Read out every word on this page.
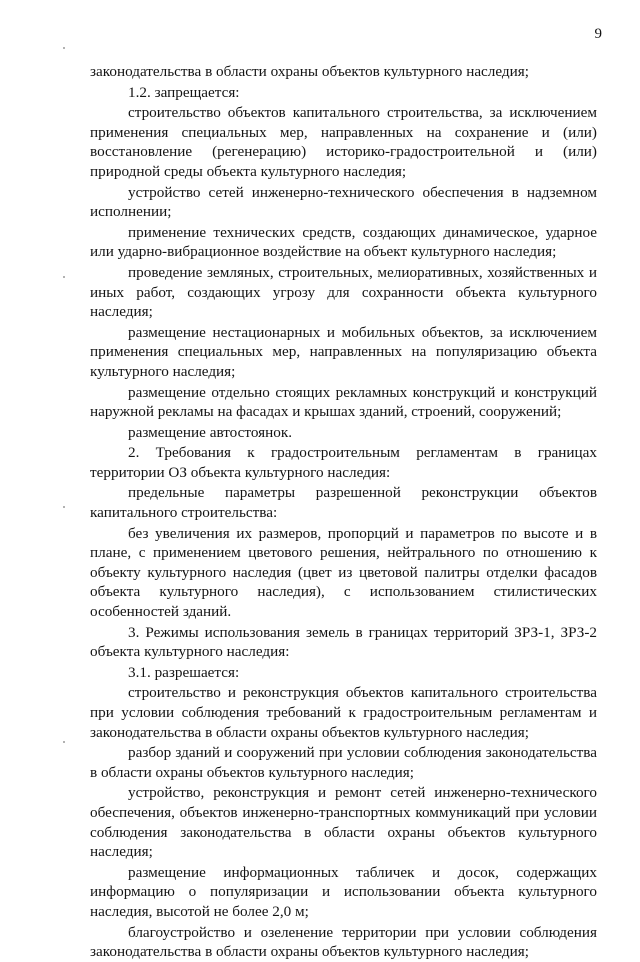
9

законодательства в области охраны объектов культурного наследия;

1.2. запрещается:

строительство объектов капитального строительства, за исключением применения специальных мер, направленных на сохранение и (или) восстановление (регенерацию) историко-градостроительной и (или) природной среды объекта культурного наследия;

устройство сетей инженерно-технического обеспечения в надземном исполнении;

применение технических средств, создающих динамическое, ударное или ударно-вибрационное воздействие на объект культурного наследия;

проведение земляных, строительных, мелиоративных, хозяйственных и иных работ, создающих угрозу для сохранности объекта культурного наследия;

размещение нестационарных и мобильных объектов, за исключением применения специальных мер, направленных на популяризацию объекта культурного наследия;

размещение отдельно стоящих рекламных конструкций и конструкций наружной рекламы на фасадах и крышах зданий, строений, сооружений;

размещение автостоянок.

2. Требования к градостроительным регламентам в границах территории ОЗ объекта культурного наследия:

предельные параметры разрешенной реконструкции объектов капитального строительства:

без увеличения их размеров, пропорций и параметров по высоте и в плане, с применением цветового решения, нейтрального по отношению к объекту культурного наследия (цвет из цветовой палитры отделки фасадов объекта культурного наследия), с использованием стилистических особенностей зданий.

3. Режимы использования земель в границах территорий ЗРЗ-1, ЗРЗ-2 объекта культурного наследия:

3.1. разрешается:

строительство и реконструкция объектов капитального строительства при условии соблюдения требований к градостроительным регламентам и законодательства в области охраны объектов культурного наследия;

разбор зданий и сооружений при условии соблюдения законодательства в области охраны объектов культурного наследия;

устройство, реконструкция и ремонт сетей инженерно-технического обеспечения, объектов инженерно-транспортных коммуникаций при условии соблюдения законодательства в области охраны объектов культурного наследия;

размещение информационных табличек и досок, содержащих информацию о популяризации и использовании объекта культурного наследия, высотой не более 2,0 м;

благоустройство и озеленение территории при условии соблюдения законодательства в области охраны объектов культурного наследия;
